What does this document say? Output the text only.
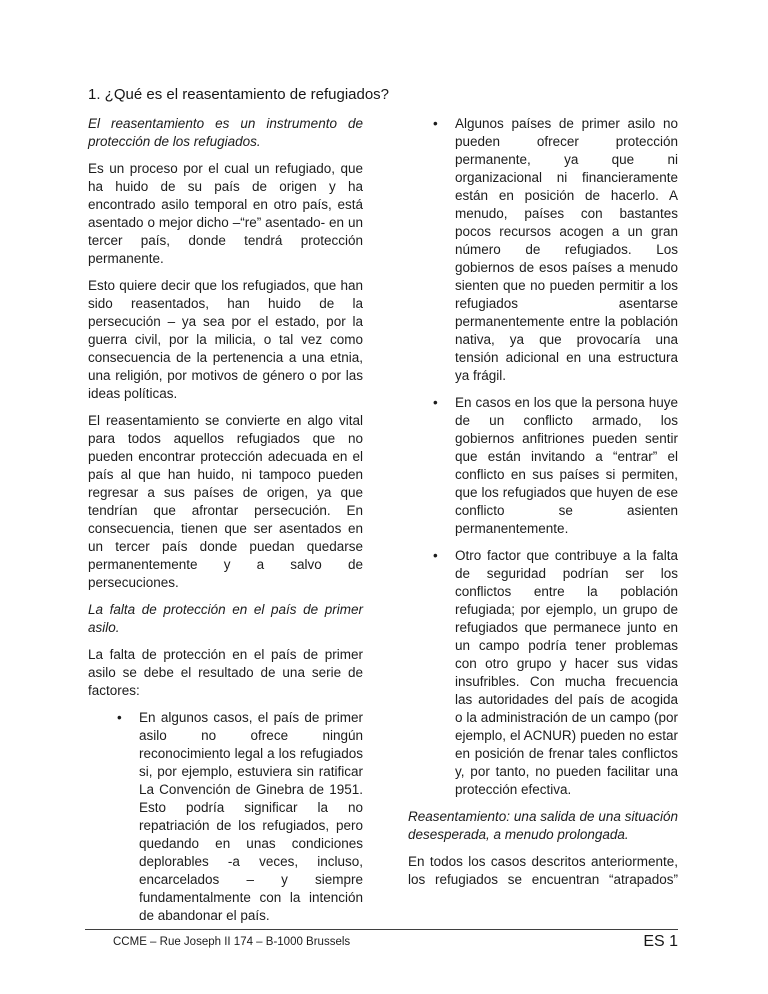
1. ¿Qué es el reasentamiento de refugiados?

El reasentamiento es un instrumento de protección de los refugiados.

Es un proceso por el cual un refugiado, que ha huido de su país de origen y ha encontrado asilo temporal en otro país, está asentado o mejor dicho –“re” asentado- en un tercer país, donde tendrá protección permanente.

Esto quiere decir que los refugiados, que han sido reasentados, han huido de la persecución – ya sea por el estado, por la guerra civil, por la milicia, o tal vez como consecuencia de la pertenencia a una etnia, una religión, por motivos de género o por las ideas políticas.

El reasentamiento se convierte en algo vital para todos aquellos refugiados que no pueden encontrar protección adecuada en el país al que han huido, ni tampoco pueden regresar a sus países de origen, ya que tendrían que afrontar persecución. En consecuencia, tienen que ser asentados en un tercer país donde puedan quedarse permanentemente y a salvo de persecuciones.

La falta de protección en el país de primer asilo.

La falta de protección en el país de primer asilo se debe el resultado de una serie de factores:

•

En algunos casos, el país de primer asilo no ofrece ningún reconocimiento legal a los refugiados si, por ejemplo, estuviera sin ratificar La Convención de Ginebra de 1951. Esto podría significar la no repatriación de los refugiados, pero quedando en unas condiciones deplorables -a veces, incluso, encarcelados – y siempre fundamentalmente con la intención de abandonar el país.

•

Algunos países de primer asilo no pueden ofrecer protección permanente, ya que ni organizacional ni financieramente están en posición de hacerlo. A menudo, países con bastantes pocos recursos acogen a un gran número de refugiados. Los gobiernos de esos países a menudo sienten que no pueden permitir a los refugiados asentarse permanentemente entre la población nativa, ya que provocaría una tensión adicional en una estructura ya frágil.

•

En casos en los que la persona huye de un conflicto armado, los gobiernos anfitriones pueden sentir que están invitando a “entrar” el conflicto en sus países si permiten, que los refugiados que huyen de ese conflicto se asienten permanentemente.

•

Otro factor que contribuye a la falta de seguridad podrían ser los conflictos entre la población refugiada; por ejemplo, un grupo de refugiados que permanece junto en un campo podría tener problemas con otro grupo y hacer sus vidas insufribles. Con mucha frecuencia las autoridades del país de acogida o la administración de un campo (por ejemplo, el ACNUR) pueden no estar en posición de frenar tales conflictos y, por tanto, no pueden facilitar una protección efectiva.

Reasentamiento: una salida de una situación desesperada, a menudo prolongada.

En todos los casos descritos anteriormente, los refugiados se encuentran “atrapados”

CCME – Rue Joseph II 174 – B-1000 Brussels	ES 1
